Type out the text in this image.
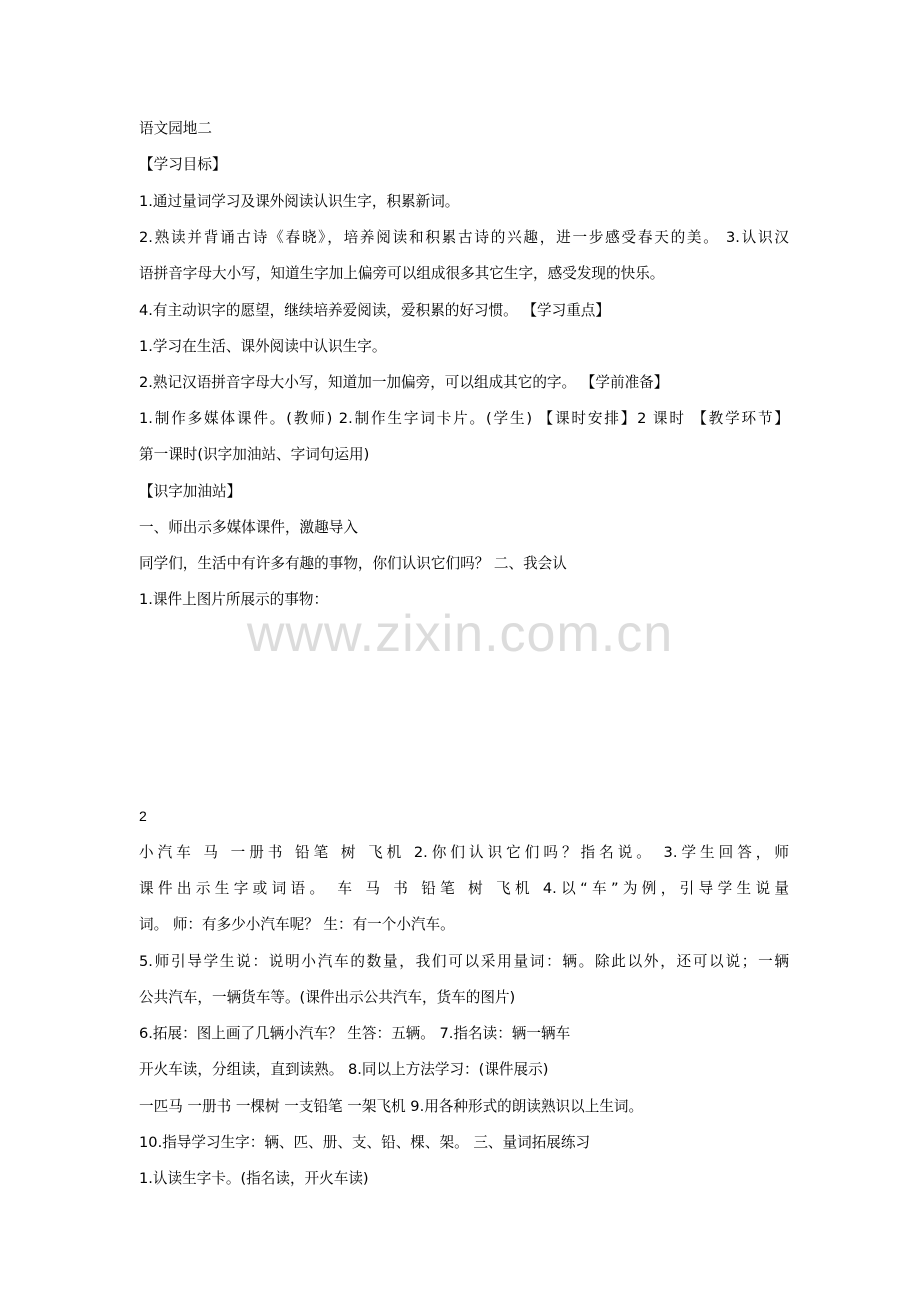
语文园地二
【学习目标】
1.通过量词学习及课外阅读认识生字，积累新词。
2.熟读并背诵古诗《春晓》，培养阅读和积累古诗的兴趣，进一步感受春天的美。 3.认识汉
语拼音字母大小写，知道生字加上偏旁可以组成很多其它生字，感受发现的快乐。
4.有主动识字的愿望，继续培养爱阅读，爱积累的好习惯。 【学习重点】
1.学习在生活、课外阅读中认识生字。
2.熟记汉语拼音字母大小写，知道加一加偏旁，可以组成其它的字。 【学前准备】
1.制作多媒体课件。(教师) 2.制作生字词卡片。(学生) 【课时安排】2 课时 【教学环节】
第一课时(识字加油站、字词句运用)
【识字加油站】
一、师出示多媒体课件，激趣导入
同学们，生活中有许多有趣的事物，你们认识它们吗？ 二、我会认
1.课件上图片所展示的事物：
www.zixin.com.cn
2
小汽车 马 一册书 铅笔 树 飞机 2.你们认识它们吗？指名说。 3.学生回答，师
课件出示生字或词语。 车 马 书 铅笔 树 飞机 4.以“车”为例，引导学生说量
词。 师：有多少小汽车呢？ 生：有一个小汽车。
5.师引导学生说：说明小汽车的数量，我们可以采用量词：辆。除此以外，还可以说；一辆
公共汽车，一辆货车等。(课件出示公共汽车，货车的图片)
6.拓展：图上画了几辆小汽车？ 生答：五辆。 7.指名读：辆一辆车
开火车读，分组读，直到读熟。 8.同以上方法学习：(课件展示)
一匹马 一册书 一棵树 一支铅笔 一架飞机 9.用各种形式的朗读熟识以上生词。
10.指导学习生字：辆、匹、册、支、铅、棵、架。 三、量词拓展练习
1.认读生字卡。(指名读，开火车读)
